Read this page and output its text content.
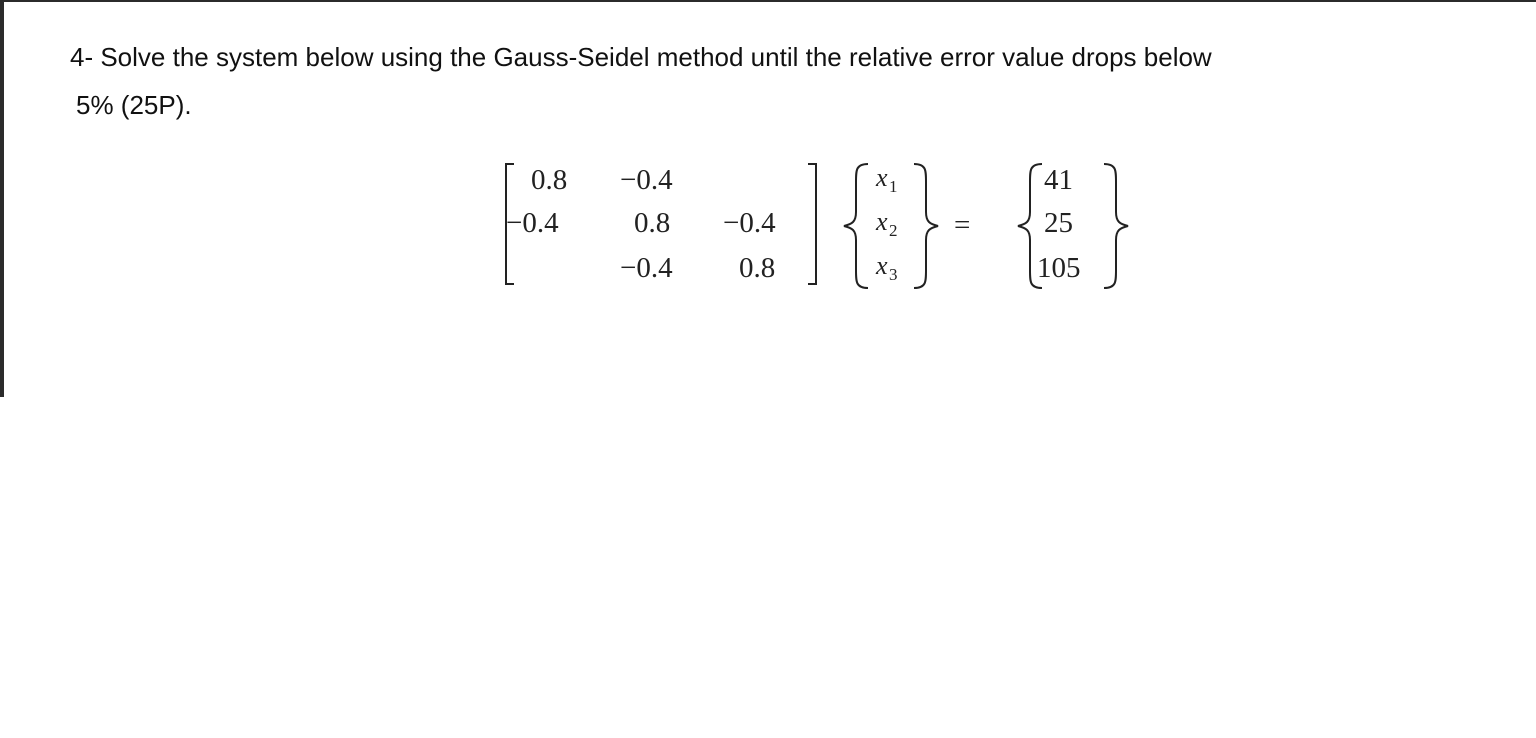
4- Solve the system below using the Gauss-Seidel method until the relative error value drops below
5% (25P).
0.8 −0.4
−0.4	0.8 −0.4
−0.4 0.8
x 1
x 2
x 3
=
41
25
105
